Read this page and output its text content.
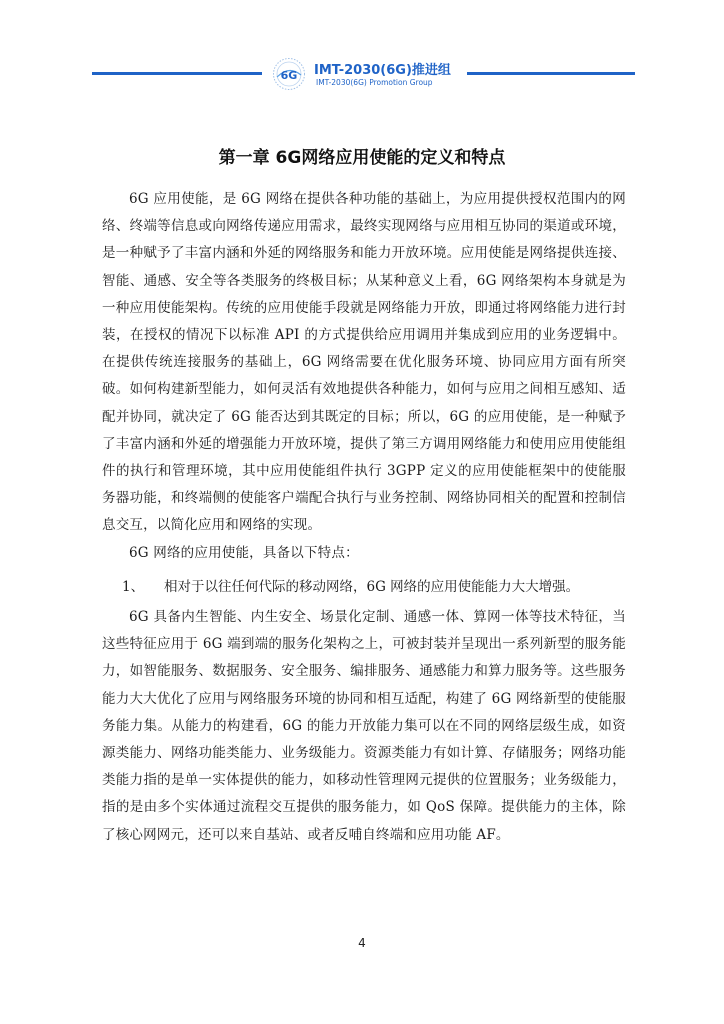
6G IMT-2030(6G)推进组
IMT-2030(6G) Promotion Group
第一章 6G网络应用使能的定义和特点

6G 应用使能，是 6G 网络在提供各种功能的基础上，为应用提供授权范围内的网络、终端等信息或向网络传递应用需求，最终实现网络与应用相互协同的渠道或环境，是一种赋予了丰富内涵和外延的网络服务和能力开放环境。应用使能是网络提供连接、智能、通感、安全等各类服务的终极目标；从某种意义上看，6G 网络架构本身就是为一种应用使能架构。传统的应用使能手段就是网络能力开放，即通过将网络能力进行封装，在授权的情况下以标准 API 的方式提供给应用调用并集成到应用的业务逻辑中。在提供传统连接服务的基础上，6G 网络需要在优化服务环境、协同应用方面有所突破。如何构建新型能力，如何灵活有效地提供各种能力，如何与应用之间相互感知、适配并协同，就决定了 6G 能否达到其既定的目标；所以，6G 的应用使能，是一种赋予了丰富内涵和外延的增强能力开放环境，提供了第三方调用网络能力和使用应用使能组件的执行和管理环境，其中应用使能组件执行 3GPP 定义的应用使能框架中的使能服务器功能，和终端侧的使能客户端配合执行与业务控制、网络协同相关的配置和控制信息交互，以简化应用和网络的实现。

6G 网络的应用使能，具备以下特点：

1、 相对于以往任何代际的移动网络，6G 网络的应用使能能力大大增强。

6G 具备内生智能、内生安全、场景化定制、通感一体、算网一体等技术特征，当这些特征应用于 6G 端到端的服务化架构之上，可被封装并呈现出一系列新型的服务能力，如智能服务、数据服务、安全服务、编排服务、通感能力和算力服务等。这些服务能力大大优化了应用与网络服务环境的协同和相互适配，构建了 6G 网络新型的使能服务能力集。从能力的构建看，6G 的能力开放能力集可以在不同的网络层级生成，如资源类能力、网络功能类能力、业务级能力。资源类能力有如计算、存储服务；网络功能类能力指的是单一实体提供的能力，如移动性管理网元提供的位置服务；业务级能力，指的是由多个实体通过流程交互提供的服务能力，如 QoS 保障。提供能力的主体，除了核心网网元，还可以来自基站、或者反哺自终端和应用功能 AF。

4
